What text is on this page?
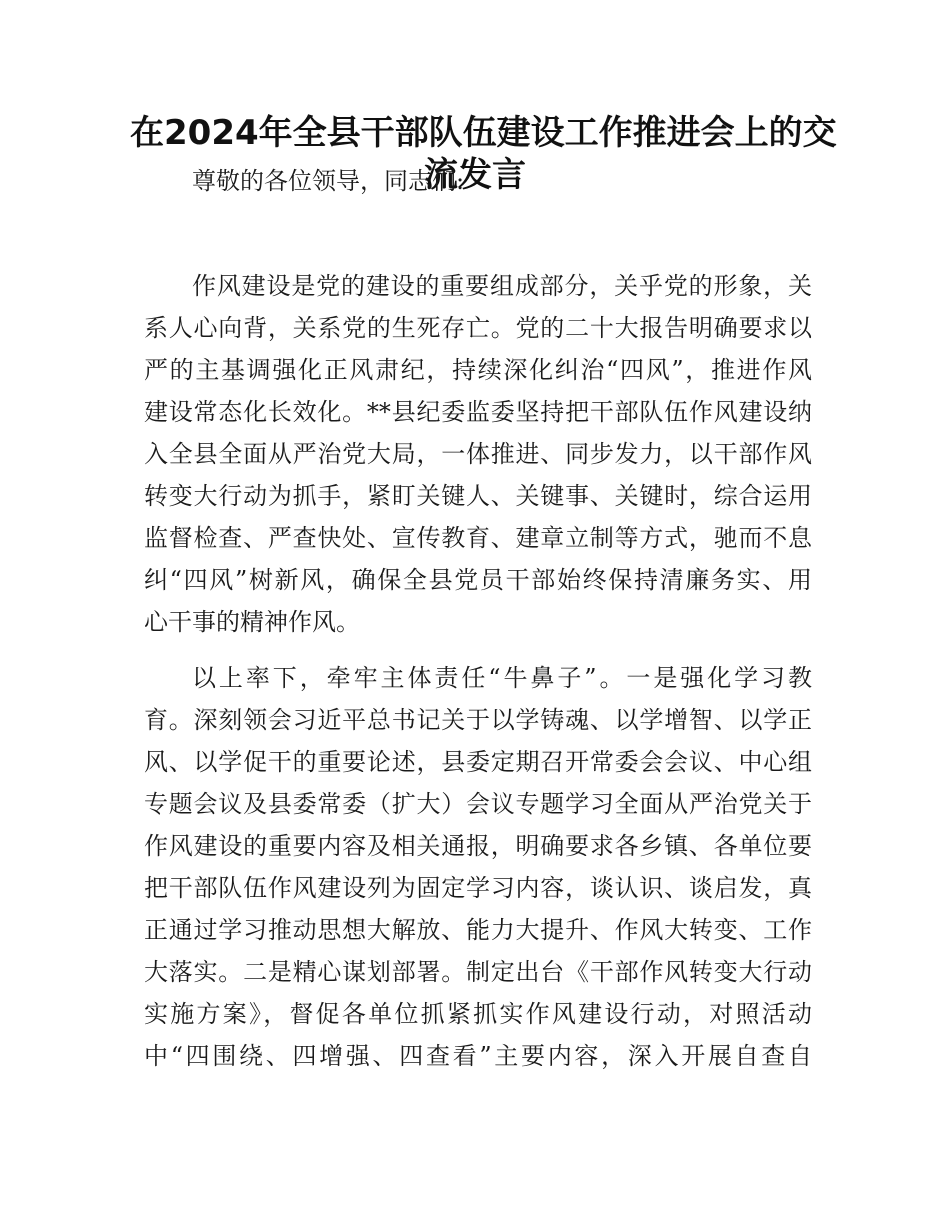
在2024年全县干部队伍建设工作推进会上的交
流发言

尊敬的各位领导，同志们:

作风建设是党的建设的重要组成部分，关乎党的形象，关
系人心向背，关系党的生死存亡。党的二十大报告明确要求以
严的主基调强化正风肃纪，持续深化纠治“四风”，推进作风
建设常态化长效化。**县纪委监委坚持把干部队伍作风建设纳
入全县全面从严治党大局，一体推进、同步发力，以干部作风
转变大行动为抓手，紧盯关键人、关键事、关键时，综合运用
监督检查、严查快处、宣传教育、建章立制等方式，驰而不息
纠“四风”树新风，确保全县党员干部始终保持清廉务实、用
心干事的精神作风。

以上率下，牵牢主体责任“牛鼻子”。一是强化学习教
育。深刻领会习近平总书记关于以学铸魂、以学增智、以学正
风、以学促干的重要论述，县委定期召开常委会会议、中心组
专题会议及县委常委（扩大）会议专题学习全面从严治党关于
作风建设的重要内容及相关通报，明确要求各乡镇、各单位要
把干部队伍作风建设列为固定学习内容，谈认识、谈启发，真
正通过学习推动思想大解放、能力大提升、作风大转变、工作
大落实。二是精心谋划部署。制定出台《干部作风转变大行动
实施方案》，督促各单位抓紧抓实作风建设行动，对照活动
中“四围绕、四增强、四查看”主要内容，深入开展自查自
